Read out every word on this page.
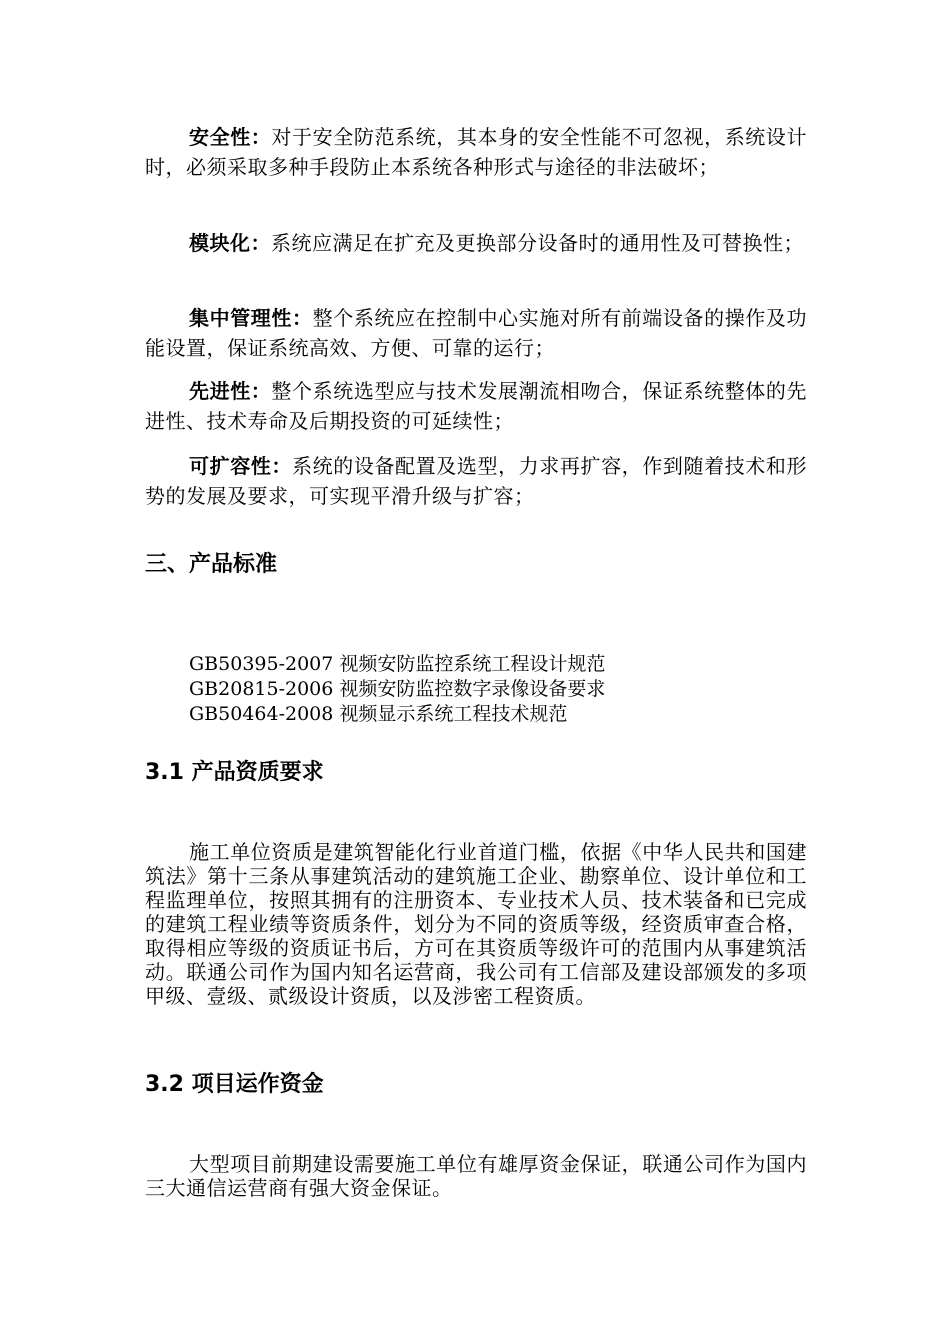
安全性：对于安全防范系统，其本身的安全性能不可忽视，系统设计时，必须采取多种手段防止本系统各种形式与途径的非法破坏；

模块化：系统应满足在扩充及更换部分设备时的通用性及可替换性；

集中管理性：整个系统应在控制中心实施对所有前端设备的操作及功能设置，保证系统高效、方便、可靠的运行；

先进性：整个系统选型应与技术发展潮流相吻合，保证系统整体的先进性、技术寿命及后期投资的可延续性；

可扩容性：系统的设备配置及选型，力求再扩容，作到随着技术和形势的发展及要求，可实现平滑升级与扩容；

三、产品标准
GB50395-2007 视频安防监控系统工程设计规范
GB20815-2006 视频安防监控数字录像设备要求
GB50464-2008 视频显示系统工程技术规范
3.1 产品资质要求

施工单位资质是建筑智能化行业首道门槛，依据《中华人民共和国建筑法》第十三条从事建筑活动的建筑施工企业、勘察单位、设计单位和工程监理单位，按照其拥有的注册资本、专业技术人员、技术装备和已完成的建筑工程业绩等资质条件，划分为不同的资质等级，经资质审查合格，取得相应等级的资质证书后，方可在其资质等级许可的范围内从事建筑活动。联通公司作为国内知名运营商，我公司有工信部及建设部颁发的多项甲级、壹级、贰级设计资质，以及涉密工程资质。

3.2 项目运作资金

大型项目前期建设需要施工单位有雄厚资金保证，联通公司作为国内三大通信运营商有强大资金保证。
